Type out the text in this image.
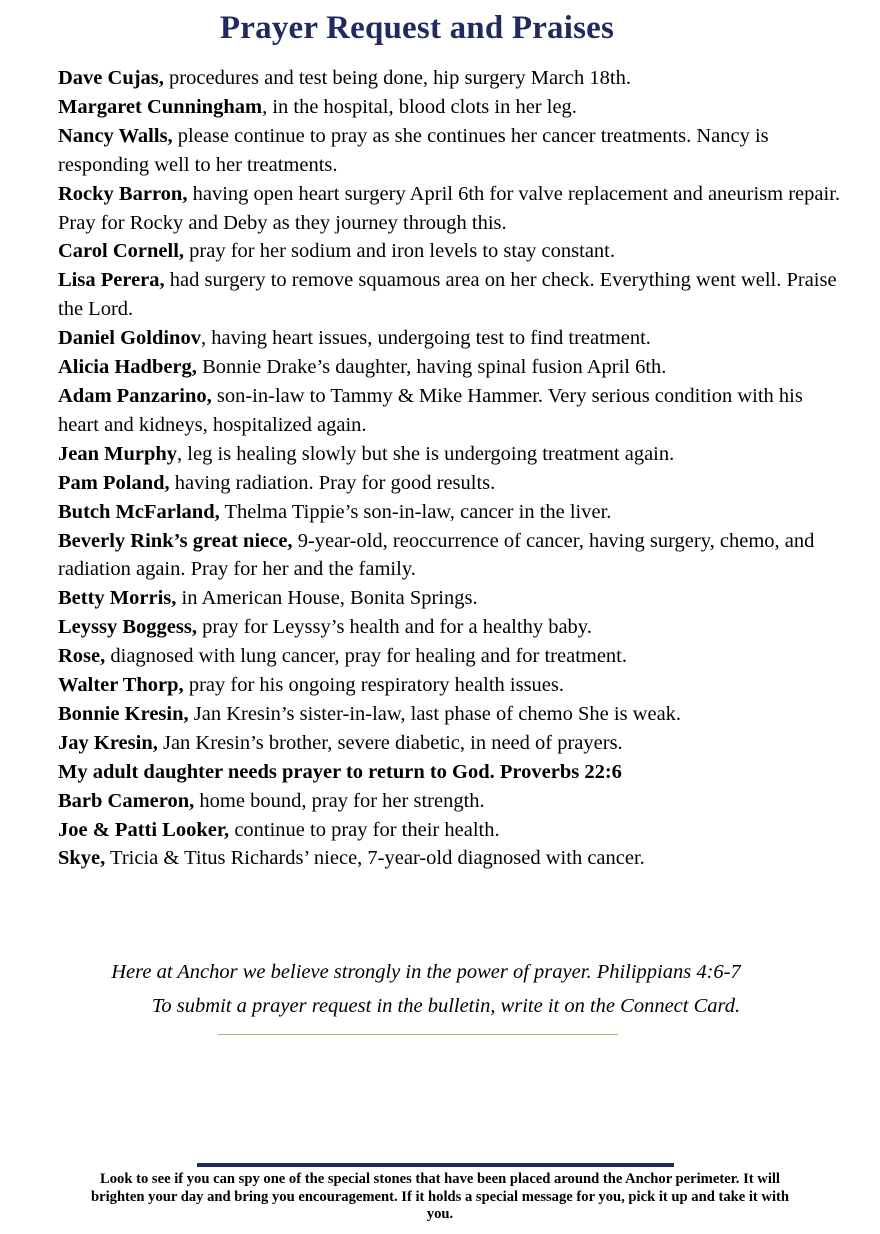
Prayer Request and Praises

Dave Cujas, procedures and test being done, hip surgery March 18th.

Margaret Cunningham, in the hospital, blood clots in her leg.

Nancy Walls, please continue to pray as she continues her cancer treatments. Nancy is responding well to her treatments.

Rocky Barron, having open heart surgery April 6th for valve replacement and aneurism repair. Pray for Rocky and Deby as they journey through this.

Carol Cornell, pray for her sodium and iron levels to stay constant.

Lisa Perera, had surgery to remove squamous area on her check. Everything went well. Praise the Lord.

Daniel Goldinov, having heart issues, undergoing test to find treatment.

Alicia Hadberg, Bonnie Drake’s daughter, having spinal fusion April 6th.

Adam Panzarino, son-in-law to Tammy & Mike Hammer. Very serious condition with his heart and kidneys, hospitalized again.

Jean Murphy, leg is healing slowly but she is undergoing treatment again.

Pam Poland, having radiation. Pray for good results.

Butch McFarland, Thelma Tippie’s son-in-law, cancer in the liver.

Beverly Rink’s great niece, 9-year-old, reoccurrence of cancer, having surgery, chemo, and radiation again. Pray for her and the family.

Betty Morris, in American House, Bonita Springs.

Leyssy Boggess, pray for Leyssy’s health and for a healthy baby.

Rose, diagnosed with lung cancer, pray for healing and for treatment.

Walter Thorp, pray for his ongoing respiratory health issues.

Bonnie Kresin, Jan Kresin’s sister-in-law, last phase of chemo She is weak.

Jay Kresin, Jan Kresin’s brother, severe diabetic, in need of prayers.

My adult daughter needs prayer to return to God. Proverbs 22:6

Barb Cameron, home bound, pray for her strength.

Joe & Patti Looker, continue to pray for their health.

Skye, Tricia & Titus Richards’ niece, 7-year-old diagnosed with cancer.

Here at Anchor we believe strongly in the power of prayer. Philippians 4:6-7
To submit a prayer request in the bulletin, write it on the Connect Card.
Look to see if you can spy one of the special stones that have been placed around the Anchor perimeter. It will brighten your day and bring you encouragement. If it holds a special message for you, pick it up and take it with you.
